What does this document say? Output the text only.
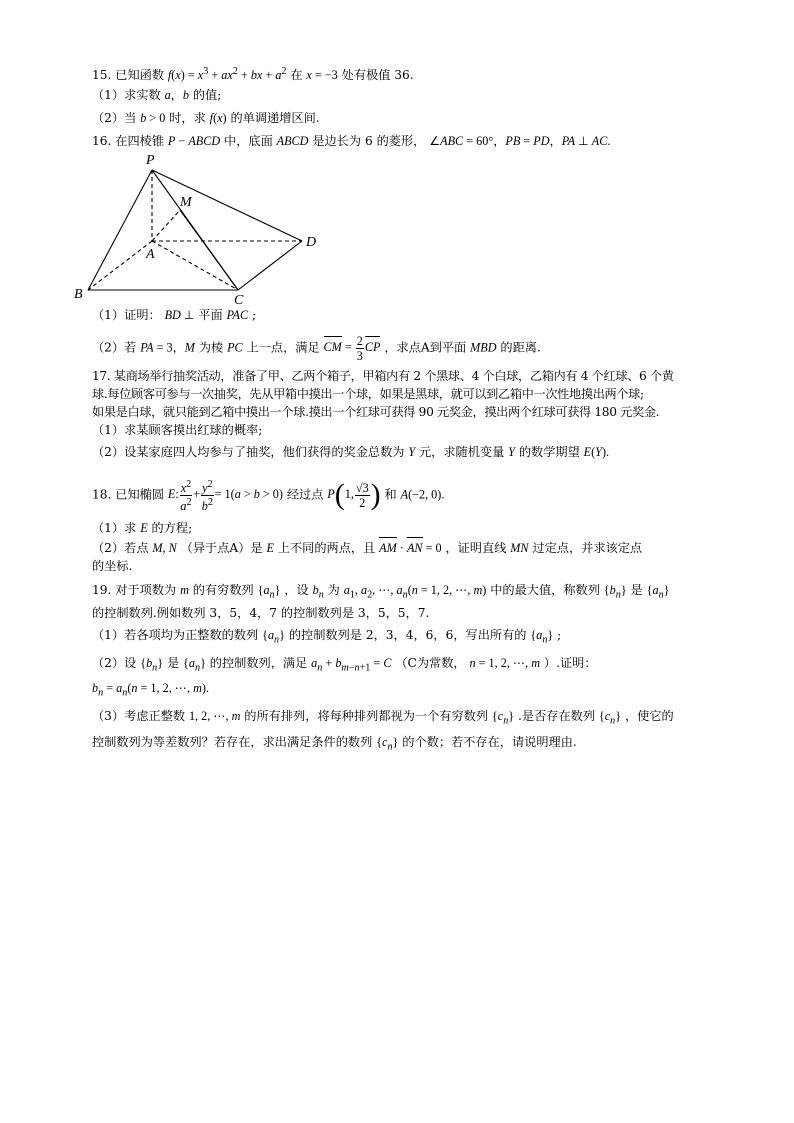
15. 已知函数 $f(x) = x^3 + ax^2$ + bx + $a^2$ 在 x = −3 处有极值 36.
（1）求实数 a，b 的值;
（2）当 b > 0 时，求 f(x) 的单调递增区间.
16. 在四棱锥 P − ABCD 中，底面 ABCD 是边长为 6 的菱形， ∠ABC = 60°，PB = PD，PA ⊥ AC.
P
M
A
D
B	C
（1）证明： BD ⊥ 平面 PAC ;
（2）若 PA = 3，M 为棱 PC 上一点，满足 CM = $\frac{2}{3}$ CP ，求点A到平面 MBD 的距离.
17. 某商场举行抽奖活动，准备了甲、乙两个箱子，甲箱内有 2 个黑球、4 个白球，乙箱内有 4 个红球、6 个黄
球.每位顾客可参与一次抽奖，先从甲箱中摸出一个球，如果是黑球，就可以到乙箱中一次性地摸出两个球;
如果是白球，就只能到乙箱中摸出一个球.摸出一个红球可获得 90 元奖金，摸出两个红球可获得 180 元奖金.
（1）求某顾客摸出红球的概率;
（2）设某家庭四人均参与了抽奖，他们获得的奖金总数为 Y 元，求随机变量 Y 的数学期望 E(Y).
18. 已知椭圆 E: $\frac{x^2}{a^2} + \frac{y^2}{b^2} = 1(a > b > 0)$ 经过点 P(1, $\frac{√3}{2}$ ) 和 A(−2, 0).
（1）求 E 的方程;
（2）若点 M, N （异于点A）是 E 上不同的两点，且 AM · AN = 0 ，证明直线 MN 过定点，并求该定点
的坐标.
19. 对于项数为 m 的有穷数列 $\{a_n\}$ ，设 $b_n$ 为 $a_1$, $a_2$, ⋯, $a_n(n = 1$, 2, ⋯, m) 中的最大值，称数列 $\{b_n\}$ 是 $\{a_n\}$
的控制数列.例如数列 3，5，4，7 的控制数列是 3，5，5，7.
（1）若各项均为正整数的数列 $\{a_n\}$ 的控制数列是 2，3，4，6，6，写出所有的 $\{a_n\}$ ;
（2）设 $\{b_n\}$ 是 $\{a_n\}$ 的控制数列，满足 $a_n + b_{m-n+1} = C$ （C为常数， n = 1, 2, ⋯, m ）.证明：
$b_n = a_n(n = 1$, 2, ⋯, m).
（3）考虑正整数 1, 2, ⋯, m 的所有排列，将每种排列都视为一个有穷数列 $\{c_n\}$ .是否存在数列 $\{c_n\}$ ，使它的
控制数列为等差数列？若存在，求出满足条件的数列 $\{c_n\}$ 的个数；若不存在，请说明理由.
